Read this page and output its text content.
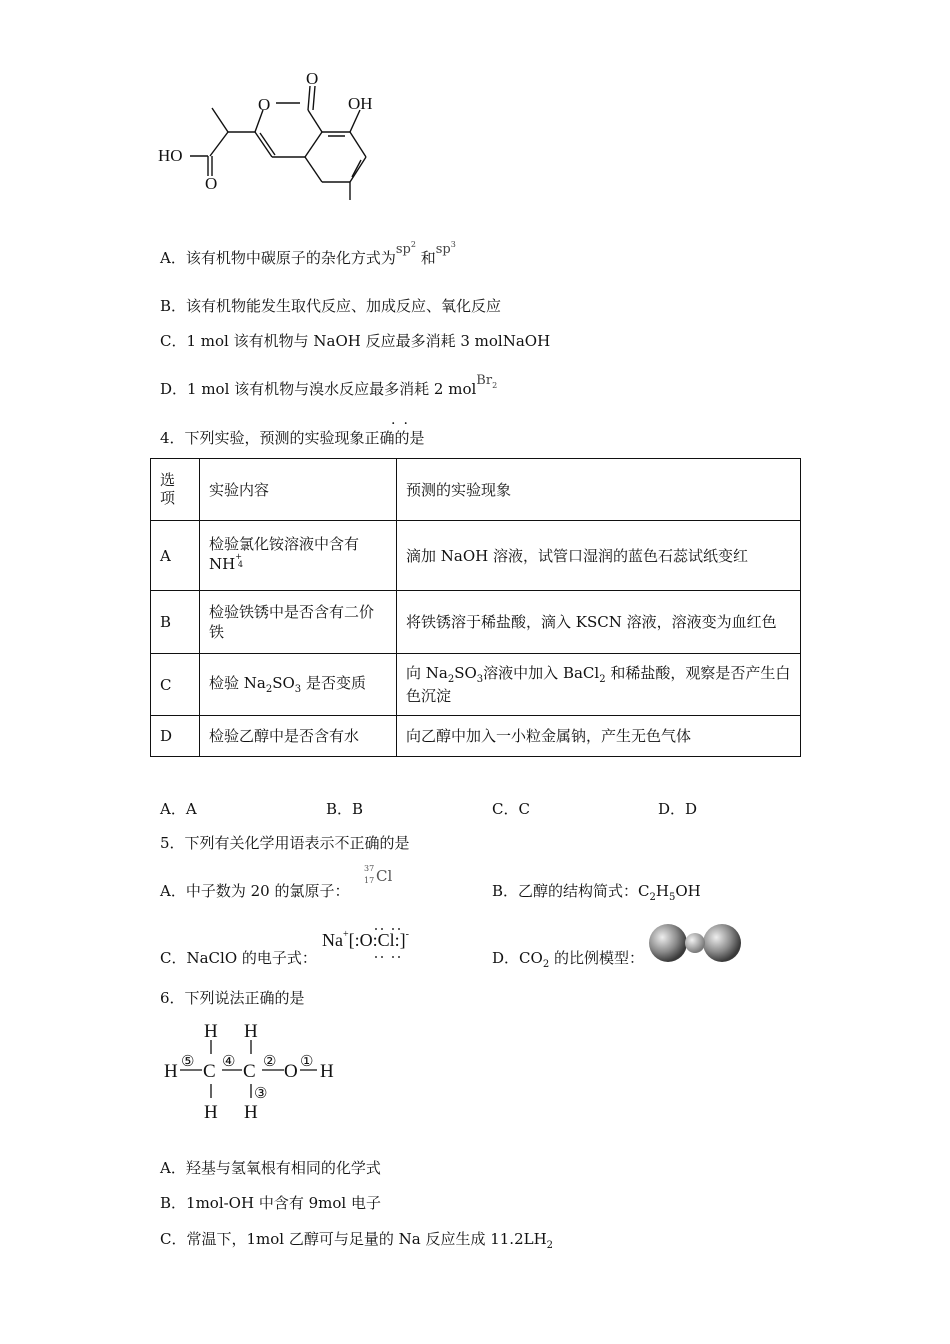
O
O
OH
HO
O
A．该有机物中碳原子的杂化方式为$sp^2$ 和$sp^3$
B．该有机物能发生取代反应、加成反应、氧化反应
C．1 mol 该有机物与 NaOH 反应最多消耗 3 molNaOH
D．1 mol 该有机物与溴水反应最多消耗 2 molBr$^2$
..
4．下列实验，预测的实验现象正确的是
选项	实验内容	预测的实验现象
A	检验氯化铵溶液中含有
NH+4	滴加 NaOH 溶液，试管口湿润的蓝色石蕊试纸变红
B	检验铁锈中是否含有二价铁	将铁锈溶于稀盐酸，滴入 KSCN 溶液，溶液变为血红色
C	检验 $Na_2SO_3$ 是否变质	向 $Na_2SO_3$溶液中加入 BaCl$_2$ 和稀盐酸，观察是否产生白色沉淀
D	检验乙醇中是否含有水	向乙醇中加入一小粒金属钠，产生无色气体
A．A	B．B	C．C	D．D
5．下列有关化学用语表示不正确的是
A．中子数为 20 的氯原子：
37
17 Cl
B．乙醇的结构简式：$C_2H_5OH$
C．NaClO 的电子式：
Na+[:O:Cl:]-
D．$CO_2$ 的比例模型：
6．下列说法正确的是
H H
H C C O H
H H
⑤ ④ ② ①
③
A．羟基与氢氧根有相同的化学式
B．1mol-OH 中含有 9mol 电子
C．常温下，1mol 乙醇可与足量的 Na 反应生成 $11.2LH_2$
